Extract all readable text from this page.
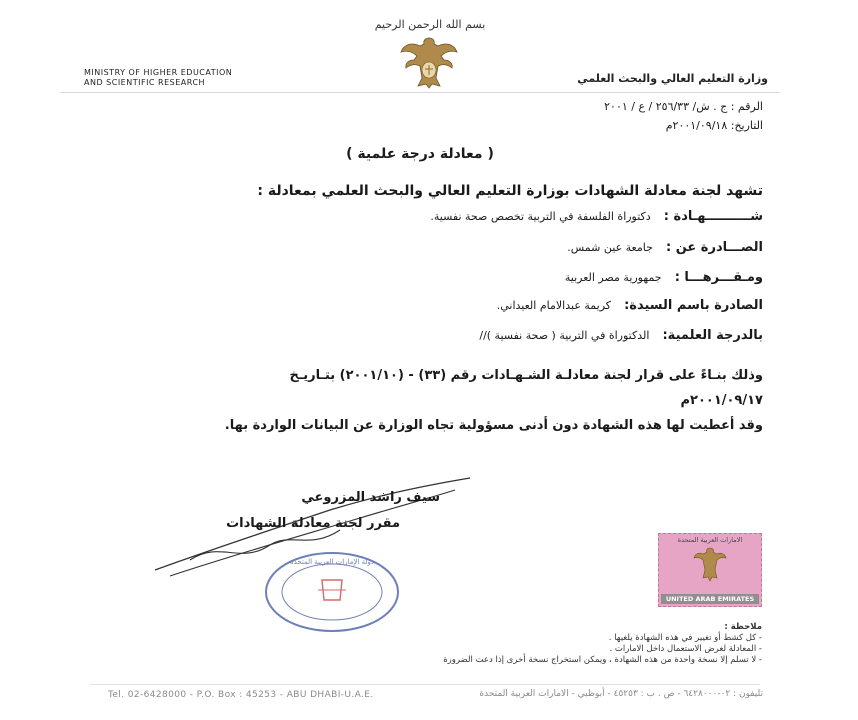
بسم الله الرحمن الرحيم
MINISTRY OF HIGHER EDUCATION
AND SCIENTIFIC RESEARCH	وزارة التعليم العالي والبحث العلمي
الرقم : ج . ش/ ٢٥٦/٣٣ / ع / ٢٠٠١
التاريخ: ٢٠٠١/٠٩/١٨م
( معادلة درجة علمية )
تشهد لجنة معادلة الشهادات بوزارة التعليم العالي والبحث العلمي بمعادلة :
شــــــــــهـادة : دكتوراة الفلسفة في التربية تخصص صحة نفسية.
الصـــادرة عن : جامعة عين شمس.
ومـقـــرهـــا : جمهورية مصر العربية
الصادرة باسم السيدة: كريمة عبدالامام العيداني.
بالدرجة العلمية: الدكتوراة في التربية ( صحة نفسية )//
وذلك بنـاءً على قرار لجنة معادلـة الشـهـادات رقم (٣٣) - (٢٠٠١/١٠) بتـاريـخ
٢٠٠١/٠٩/١٧م
وقد أعطيت لها هذه الشهادة دون أدنى مسؤولية تجاه الوزارة عن البيانات الواردة بها.
سيف راشد المزروعي
مقرر لجنة معادلة الشهادات
دولة الإمارات العربية المتحدة
الامارات العربية المتحدة
UNITED ARAB EMIRATES
ملاحظة :
- كل كشط أو تغيير في هذه الشهادة يلغيها .
- المعادلة لغرض الاستعمال داخل الامارات .
- لا تسلم إلا نسخة واحدة من هذه الشهادة ، ويمكن استخراج نسخة أخرى إذا دعت الضرورة
Tel. 02-6428000 - P.O. Box : 45253 - ABU DHABI-U.A.E.	تليفون : ٠٢-٦٤٢٨٠٠٠ - ص . ب : ٤٥٢٥٣ - أبوظبي - الامارات العربية المتحدة
